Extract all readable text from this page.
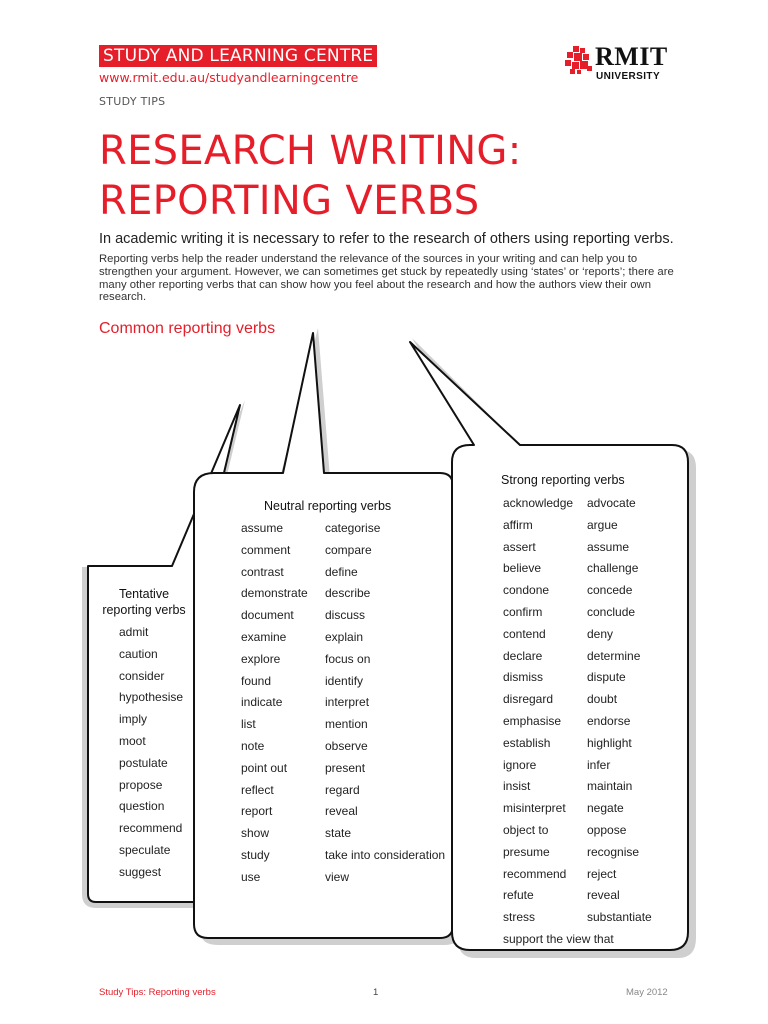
STUDY AND LEARNING CENTRE
www.rmit.edu.au/studyandlearningcentre
STUDY TIPS
RMIT
UNIVERSITY
RESEARCH WRITING:
REPORTING VERBS
In academic writing it is necessary to refer to the research of others using reporting verbs.
Reporting verbs help the reader understand the relevance of the sources in your writing and can help you to strengthen your argument. However, we can sometimes get stuck by repeatedly using ‘states’ or ‘reports’; there are many other reporting verbs that can show how you feel about the research and how the authors view their own research.
Common reporting verbs
Tentative
reporting verbs
admit
caution
consider
hypothesise
imply
moot
postulate
propose
question
recommend
speculate
suggest
Neutral reporting verbs
assume
comment
contrast
demonstrate
document
examine
explore
found
indicate
list
note
point out
reflect
report
show
study
use
categorise
compare
define
describe
discuss
explain
focus on
identify
interpret
mention
observe
present
regard
reveal
state
take into consideration
view
Strong reporting verbs
acknowledge
affirm
assert
believe
condone
confirm
contend
declare
dismiss
disregard
emphasise
establish
ignore
insist
misinterpret
object to
presume
recommend
refute
stress
support the view that
advocate
argue
assume
challenge
concede
conclude
deny
determine
dispute
doubt
endorse
highlight
infer
maintain
negate
oppose
recognise
reject
reveal
substantiate
Study Tips: Reporting verbs	1	May 2012
